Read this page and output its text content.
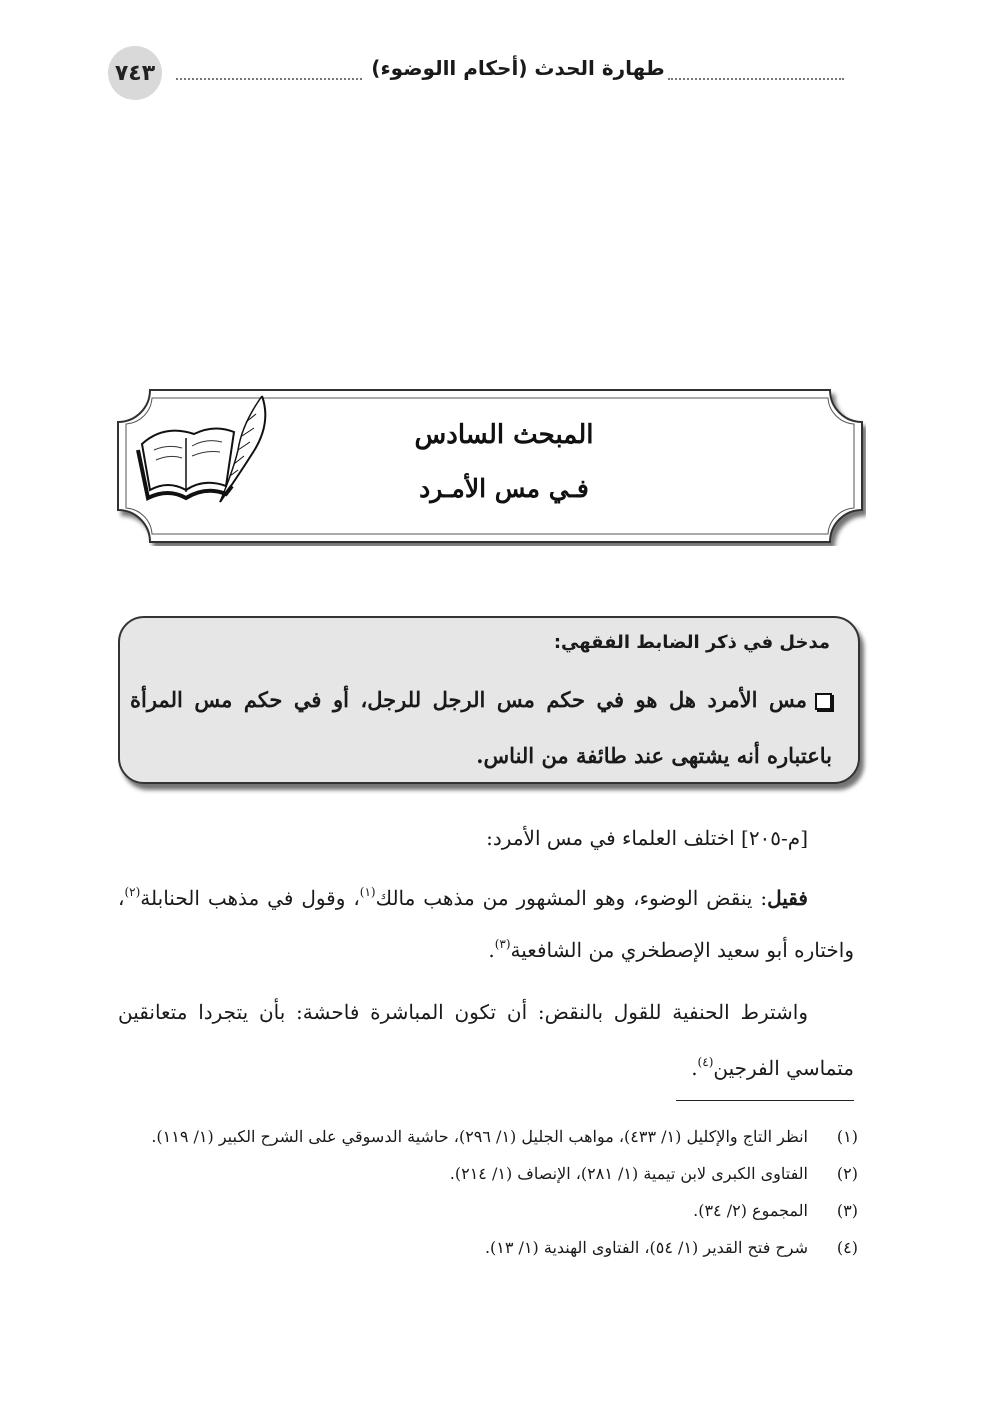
٧٤٣	طهارة الحدث (أحكام االوضوء)
المبحث السادس
فـي مس الأمـرد
مدخل في ذكر الضابط الفقهي:
مس الأمرد هل هو في حكم مس الرجل للرجل، أو في حكم مس المرأة باعتباره أنه يشتهى عند طائفة من الناس.
[م-٢٠٥] اختلف العلماء في مس الأمرد:
فقيل: ينقض الوضوء، وهو المشهور من مذهب مالك$^{(١)}$، وقول في مذهب الحنابلة$^{(٢)}$، واختاره أبو سعيد الإصطخري من الشافعية$^{(٣)}$.
واشترط الحنفية للقول بالنقض: أن تكون المباشرة فاحشة: بأن يتجردا متعانقين متماسي الفرجين$^{(٤)}$.
(١)
انظر التاج والإكليل (١/ ٤٣٣)، مواهب الجليل (١/ ٢٩٦)، حاشية الدسوقي على الشرح الكبير (١/ ١١٩).
(٢)
الفتاوى الكبرى لابن تيمية (١/ ٢٨١)، الإنصاف (١/ ٢١٤).
(٣)
المجموع (٢/ ٣٤).
(٤)
شرح فتح القدير (١/ ٥٤)، الفتاوى الهندية (١/ ١٣).
